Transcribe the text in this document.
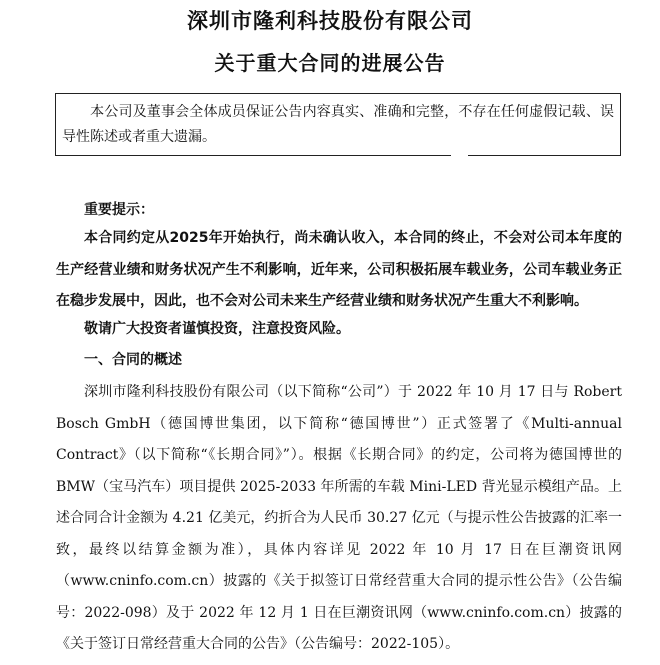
深圳市隆利科技股份有限公司
关于重大合同的进展公告
本公司及董事会全体成员保证公告内容真实、准确和完整，不存在任何虚假记载、误导性陈述或者重大遗漏。
重要提示：
本合同约定从2025年开始执行，尚未确认收入，本合同的终止，不会对公司本年度的生产经营业绩和财务状况产生不利影响，近年来，公司积极拓展车载业务，公司车载业务正在稳步发展中，因此，也不会对公司未来生产经营业绩和财务状况产生重大不利影响。
敬请广大投资者谨慎投资，注意投资风险。
一、合同的概述
深圳市隆利科技股份有限公司（以下简称“公司”）于 2022 年 10 月 17 日与 Robert Bosch GmbH（德国博世集团，以下简称“德国博世”）正式签署了《Multi-annual Contract》（以下简称“《长期合同》”）。根据《长期合同》的约定，公司将为德国博世的 BMW（宝马汽车）项目提供 2025-2033 年所需的车载 Mini-LED 背光显示模组产品。上述合同合计金额为 4.21 亿美元，约折合为人民币 30.27 亿元（与提示性公告披露的汇率一致，最终以结算金额为准），具体内容详见 2022 年 10 月 17 日在巨潮资讯网（www.cninfo.com.cn）披露的《关于拟签订日常经营重大合同的提示性公告》（公告编号：2022-098）及于 2022 年 12 月 1 日在巨潮资讯网（www.cninfo.com.cn）披露的《关于签订日常经营重大合同的公告》（公告编号：2022-105）。
